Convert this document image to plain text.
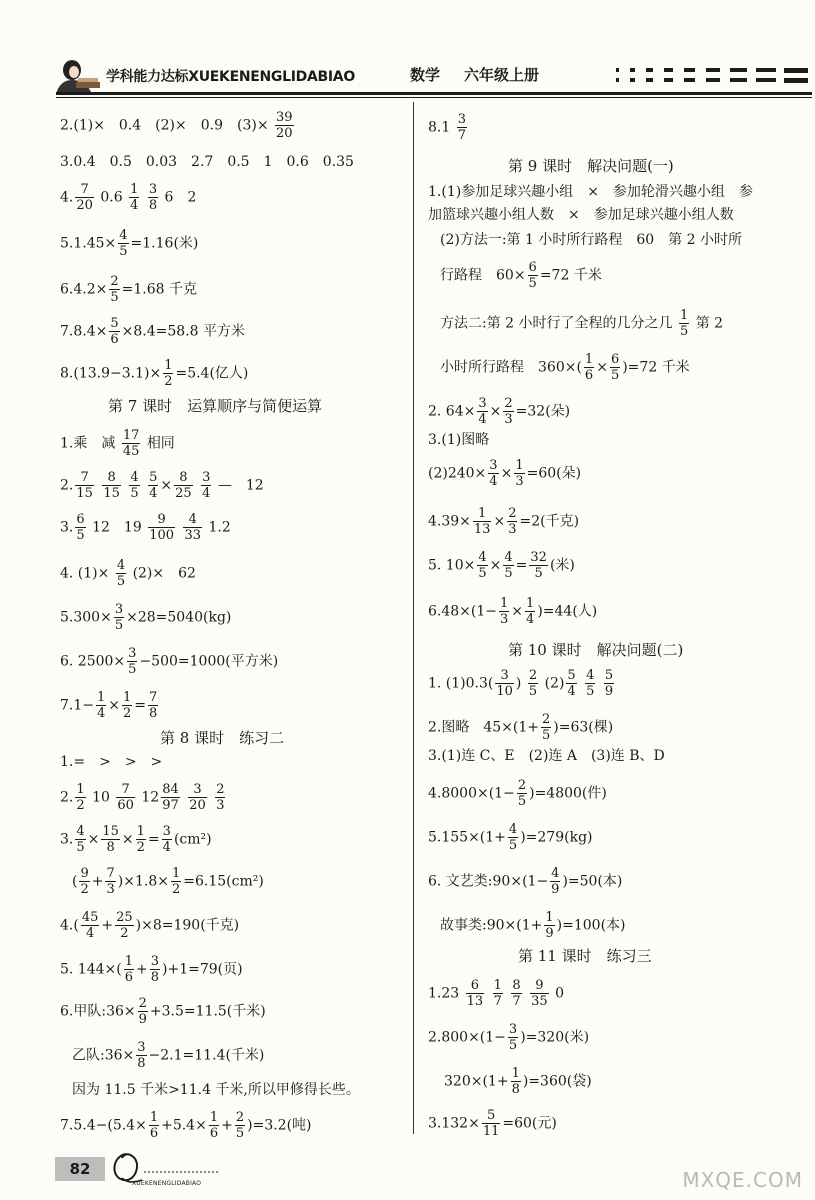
学科能力达标XUEKENENGLIDABIAO	数学 六年级上册
2.(1)×　0.4　(2)×　0.9　$(3)\times \frac{39}{20}$
3.0.4　0.5　0.03　2.7　0.5　1　0.6　0.35
4. $\frac{7}{20} 0.6 \frac{1}{4}$
$\frac{3}{8} 6$　2
$5.1.45\times \frac{4}{5} =1.16$(米)
$6.4.2\times \frac{2}{5} =1.68$ 千克
$7.8.4\times \frac{5}{6} \times 8.4=58.8$ 平方米
$8.(13.9-3.1)\times \frac{1}{2} =5.4$(亿人)
第 7 课时　运算顺序与简便运算
1.乘　减 $\frac{17}{45}$ 相同
2. $\frac{7}{15}$
$\frac{8}{15}$
$\frac{4}{5}$
$\frac{5}{4} \times \frac{8}{25}$
$\frac{3}{4}$ —　12
3. $\frac{6}{5} 12$　$19 \frac{9}{100}$
$\frac{4}{33} 1.2$
4. $(1)\times \frac{4}{5} (2)\times$　62
$5.300\times \frac{3}{5} \times 28=5040(kg)$
6. $2500\times \frac{3}{5} -500=1000$(平方米)
$7.1- \frac{1}{4} \times \frac{1}{2} = \frac{7}{8}$
第 8 课时　练习二
1.=　>　>　>
2. $\frac{1}{2} 10 \frac{7}{60} 12 \frac{84}{97}$
$\frac{3}{20}$
$\frac{2}{3}$
3. $\frac{4}{5} \times \frac{15}{8} \times \frac{1}{2} = \frac{3}{4} (cm^2)$
( $\frac{9}{2} + \frac{7}{3} )\times 1.8\times \frac{1}{2} =6.15(cm^2)$
$4.( \frac{45}{4} + \frac{25}{2} )\times 8=190$(千克)
5. $144\times( \frac{1}{6} + \frac{3}{8} )+1=79$(页)
6.甲队:36× $\frac{2}{9} +3.5=11.5$(千米)
乙队:36× $\frac{3}{8} -2.1=11.4$(千米)
因为 11.5 千米>11.4 千米,所以甲修得长些。
$7.5.4-(5.4\times \frac{1}{6} +5.4\times \frac{1}{6} + \frac{2}{5} )=3.2$(吨)
$8.1 \frac{3}{7}$
第 9 课时　解决问题(一)
1.(1)参加足球兴趣小组　×　参加轮滑兴趣小组　参
加篮球兴趣小组人数　×　参加足球兴趣小组人数
(2)方法一:第 1 小时所行路程　60　第 2 小时所
行路程　$60\times \frac{6}{5} =72$ 千米
方法二:第 2 小时行了全程的几分之几 $\frac{1}{5}$ 第 2
小时所行路程　$360\times( \frac{1}{6} \times \frac{6}{5} )=72$ 千米
2. $64\times \frac{3}{4} \times \frac{2}{3} =32$(朵)
3.(1)图略
$(2)240\times \frac{3}{4} \times \frac{1}{3} =60$(朵)
$4.39\times \frac{1}{13} \times \frac{2}{3} =2$(千克)
5. $10\times \frac{4}{5} \times \frac{4}{5} = \frac{32}{5}$ (米)
$6.48\times(1- \frac{1}{3} \times \frac{1}{4} )=44$(人)
第 10 课时　解决问题(二)
1. $(1)0.3( \frac{3}{10}$ ) $\frac{2}{5} (2) \frac{5}{4}$
$\frac{4}{5}$
$\frac{5}{9}$
2.图略　$45\times(1+ \frac{2}{5} )=63$(棵)
3.(1)连 C、E　(2)连 A　(3)连 B、D
$4.8000\times(1- \frac{2}{5} )=4800$(件)
$5.155\times(1+ \frac{4}{5} )=279(kg)$
6. 文艺类:90×(1− $\frac{4}{9} )=50$(本)
故事类:90×(1+ $\frac{1}{9} )=100$(本)
第 11 课时　练习三
$1.23 \frac{6}{13}$
$\frac{1}{7}$
$\frac{8}{7}$
$\frac{9}{35} 0$
$2.800\times(1- \frac{3}{5} )=320$(米)
$320\times(1+ \frac{1}{8} )=360$(袋)
$3.132\times \frac{5}{11} =60$(元)
82
XUEKENENGLIDABIAO	MXQE.COM
